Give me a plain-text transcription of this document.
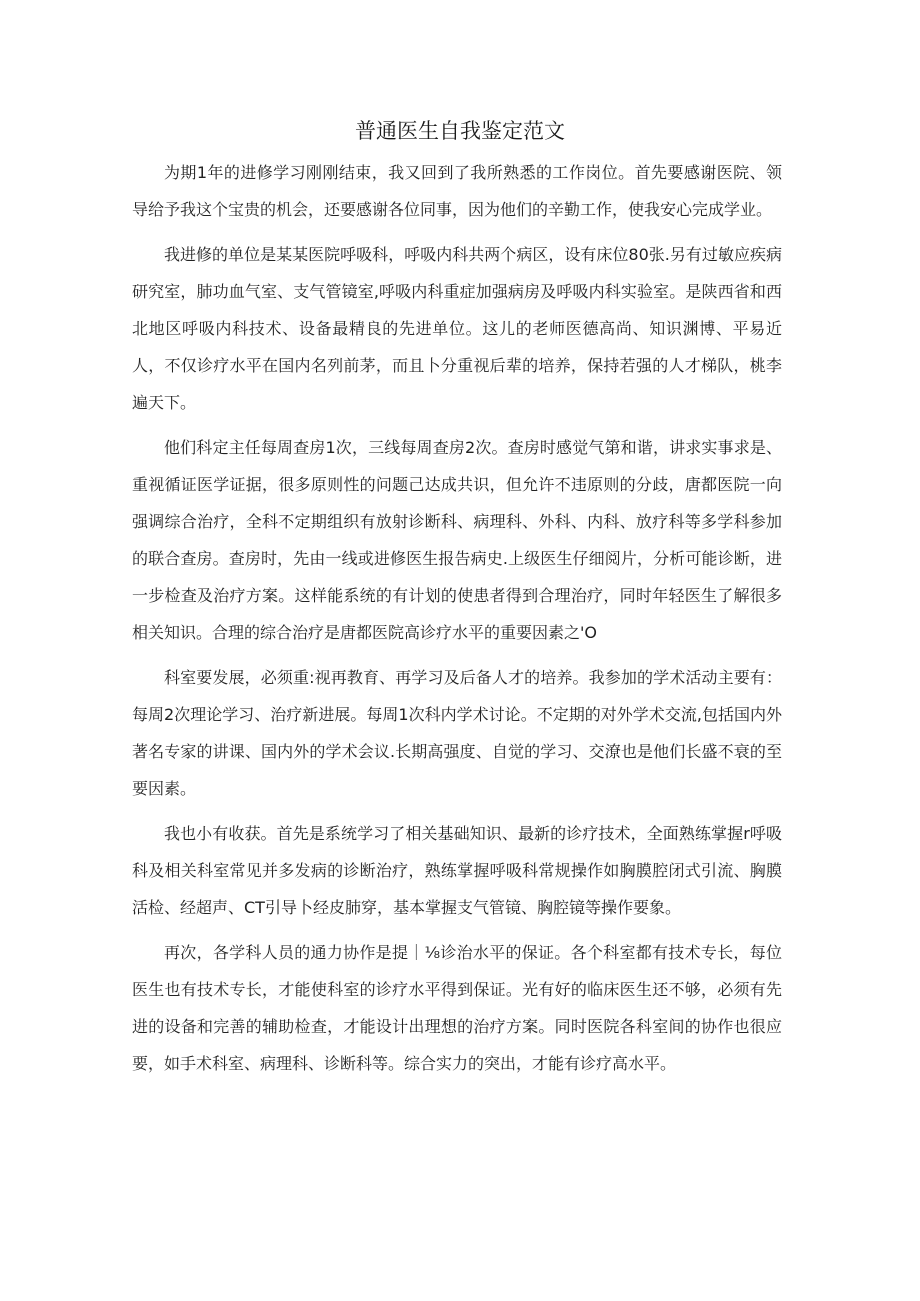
普通医生自我鉴定范文

为期1年的进修学习刚刚结束，我又回到了我所熟悉的工作岗位。首先要感谢医院、领导给予我这个宝贵的机会，还要感谢各位同事，因为他们的辛勤工作，使我安心完成学业。

我进修的单位是某某医院呼吸科，呼吸内科共两个病区，设有床位80张.另有过敏应疾病研究室，肺功血气室、支气管镜室,呼吸内科重症加强病房及呼吸内科实验室。是陕西省和西北地区呼吸内科技术、设备最精良的先进单位。这儿的老师医德高尚、知识渊博、平易近人，不仅诊疗水平在国内名列前茅，而且卜分重视后辈的培养，保持若强的人才梯队，桃李遍天下。

他们科定主任每周查房1次，三线每周查房2次。查房时感觉气第和谐，讲求实事求是、重视循证医学证据，很多原则性的问题己达成共识，但允许不违原则的分歧，唐都医院一向强调综合治疗，全科不定期组织有放射诊断科、病理科、外科、内科、放疗科等多学科参加的联合查房。查房时，先由一线或进修医生报告病史.上级医生仔细阅片，分析可能诊断，进一步检查及治疗方案。这样能系统的有计划的使患者得到合理治疗，同时年轻医生了解很多相关知识。合理的综合治疗是唐都医院高诊疗水平的重要因素之'O

科室要发展，必须重:视再教育、再学习及后备人才的培养。我参加的学术活动主要有：每周2次理论学习、治疗新进展。每周1次科内学术讨论。不定期的对外学术交流,包括国内外著名专家的讲课、国内外的学术会议.长期高强度、自觉的学习、交潦也是他们长盛不衰的至要因素。

我也小有收获。首先是系统学习了相关基础知识、最新的诊疗技术，全面熟练掌握r呼吸科及相关科室常见并多发病的诊断治疗，熟练掌握呼吸科常规操作如胸膜腔闭式引流、胸膜活检、经超声、CT引导卜经皮肺穿，基本掌握支气管镜、胸腔镜等操作要象。

再次，各学科人员的通力协作是提｜⅛诊治水平的保证。各个科室都有技术专长，每位医生也有技术专长，才能使科室的诊疗水平得到保证。光有好的临床医生还不够，必须有先进的设备和完善的辅助检查，才能设计出理想的治疗方案。同时医院各科室间的协作也很应要，如手术科室、病理科、诊断科等。综合实力的突出，才能有诊疗高水平。
